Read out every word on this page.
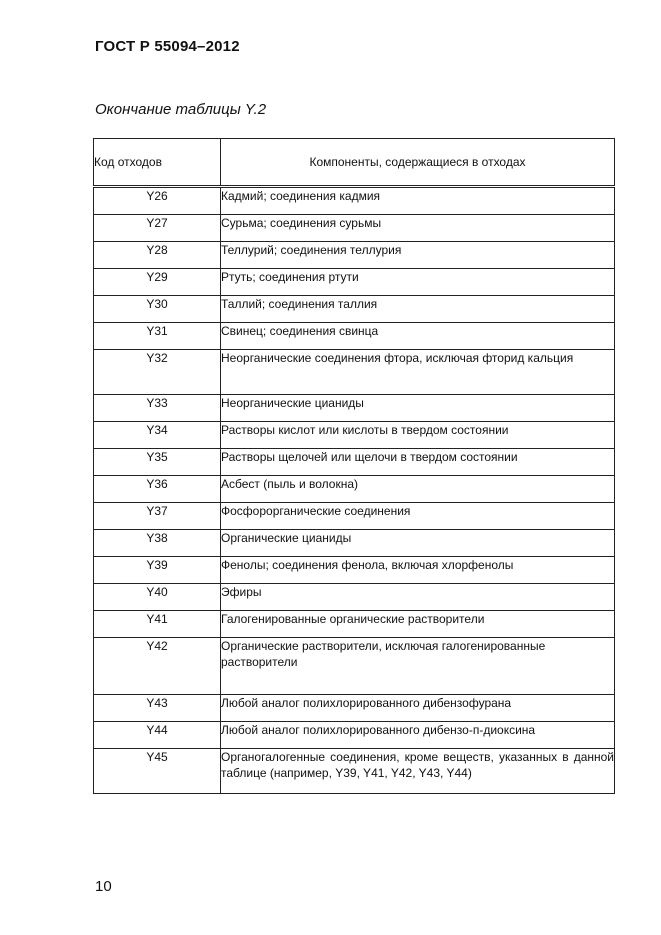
ГОСТ Р 55094–2012
Окончание таблицы Y.2
Код отходов	Компоненты, содержащиеся в отходах
Y26	Кадмий; соединения кадмия
Y27	Сурьма; соединения сурьмы
Y28	Теллурий; соединения теллурия
Y29	Ртуть; соединения ртути
Y30	Таллий; соединения таллия
Y31	Свинец; соединения свинца
Y32	Неорганические соединения фтора, исключая фторид кальция
Y33	Неорганические цианиды
Y34	Растворы кислот или кислоты в твердом состоянии
Y35	Растворы щелочей или щелочи в твердом состоянии
Y36	Асбест (пыль и волокна)
Y37	Фосфорорганические соединения
Y38	Органические цианиды
Y39	Фенолы; соединения фенола, включая хлорфенолы
Y40	Эфиры
Y41	Галогенированные органические растворители
Y42	Органические растворители, исключая галогенированные растворители
Y43	Любой аналог полихлорированного дибензофурана
Y44	Любой аналог полихлорированного дибензо-п-диоксина
Y45	Органогалогенные соединения, кроме веществ, указанных в данной таблице (например, Y39, Y41, Y42, Y43, Y44)
10
